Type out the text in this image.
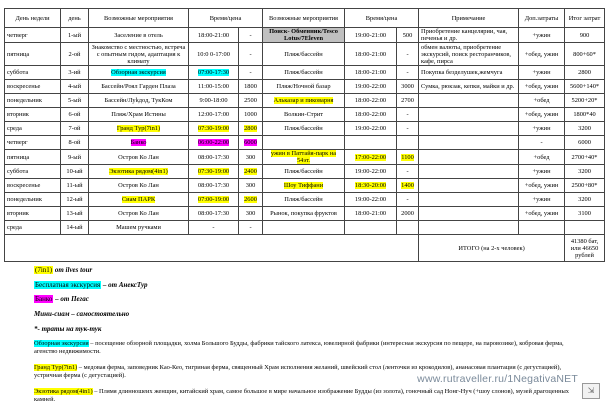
День недели	день	Возможные мероприятия	Время/цена		Возможные мероприятия	Время/цена		Примечание	Доп.затраты	Итог затрат
четверг	1-ый	Заселение в отель	18:00-21:00	-	Поиск- Обменник/Tesco Lotus/7Eleven	19:00-21:00	500	Приобретение канцелярии, чая, печенья и др.	+ужин	900
пятница	2-ой	Знакомство с местностью, встреча с опытным гидом, адаптация к климату	10:0 0-17:00	-	Пляж/бассейн	18:00-21:00	-	обмен валюты, приобретение экскурсий, поиск ресторанчиков, кафе, пирса	+обед, ужин	800+60*
суббота	3-ий	Обзорная экскурсия	07:00-17:30	-	Пляж/бассейн	18:00-21:00	-	Покупка безделушек,жемчуга	+ужин	2800
воскресенье	4-ый	Бассейн/Роял Гарден Плаза	11:00-15:00	1800	Пляж/Ночной базар	19:00-22:00	3000	Сумка, рюкзак, кепки, майки и др.	+обед, ужин	5600+140*
понедельник	5-ый	Бассейн/Луkдод, ТукКом	9:00-18:00	2500	Альказар и пиковарня	18:00-22:00	2700		+обед	5200+20*
вторник	6-ой	Пляж/Храм Истины	12:00-17:00	1000	Волкин-Стрит	18:00-22:00	-		+обед, ужин	1800*40
среда	7-ой	Гранд Тур(7in1)	07:30-19:00	2800	Пляж/бассейн	19:00-22:00	-		+ужин	3200
четверг	8-ой	Банко	06:00-22:00	6000					-	6000
пятница	9-ый	Остров Ко Лан	08:00-17:30	300	ужин в Паттайя-парк на 54эт.	17:00-22:00	1100		+обед	2700+40*
суббота	10-ый	Экзотика рядом(4in1)	07:30-19:00	2400	Пляж/бассейн	19:00-22:00	-		+ужин	3200
воскресенье	11-ый	Остров Ко Лан	08:00-17:30	300	Шоу Тиффани	18:30-20:00	1400		+обед, ужин	2500+80*
понедельник	12-ый	Сиам ПАРК	07:00-19:00	2600	Пляж/бассейн	19:00-22:00	-		+ужин	3200
вторник	13-ый	Остров Ко Лан	08:00-17:30	300	Рынок, покупка фруктов	18:00-21:00	2000		+обед, ужин	3100
среда	14-ый	Машем ручками	-	-						
								ИТОГО (на 2-х человек)		41380 бат, или 46650 рублей
(7in1) от ilves tour
Бесплатная экскурсия – от АнексТур
Банко – от Пегас
Мини-сиам – самостоятельно
*- траты на тук-тук
Обзорная экскурсия – посещение обзорной площадки, холма Большого Будды, фабрики тайского латекса, ювелирной фабрики (интересная экскурсия по пещере, на паровозике), кобровая ферма, агенство недвижимости.
Гранд Тур(7in1) – медовая ферма, заповедник Као-Кео, тигриная ферма, священный Храм исполнения желаний, швейский стол (ленточки из крокодилов), ананасовая плантация (с дегустацией), устричная ферма (с дегустацией).
Экзотика рядом(4in1) – Плямя длинношеих женщин, китайский храм, самое большое в мире начальное изображение Будды (из золота), гоночный сад Нонг-Нуч (+шоу слонов), музей драгоценных камней.
www.rutraveller.ru/1NegativaNET
⇲
